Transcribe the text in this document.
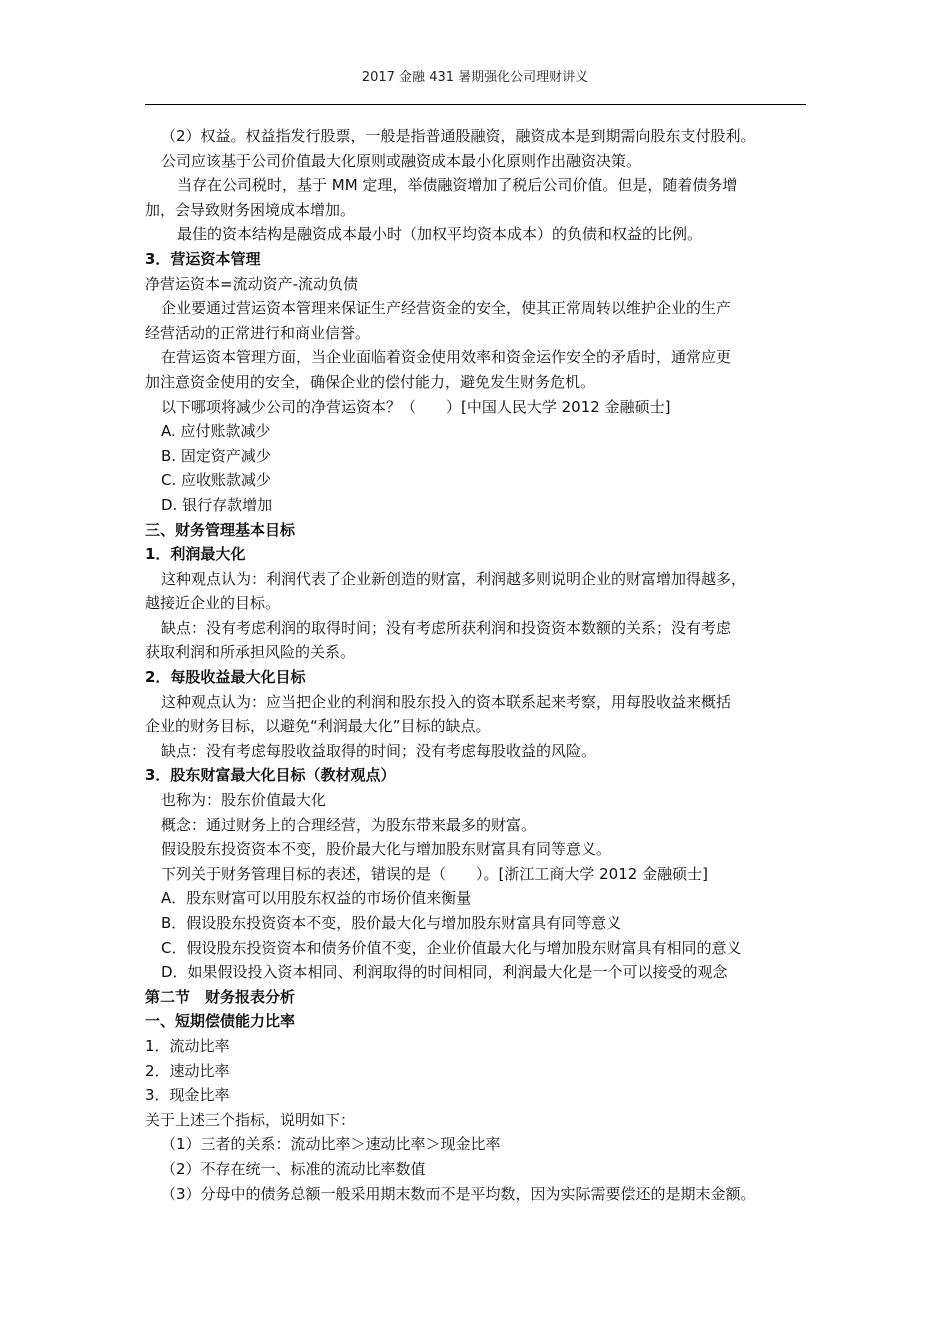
2017 金融 431 暑期强化公司理财讲义

（2）权益。权益指发行股票，一般是指普通股融资，融资成本是到期需向股东支付股利。

公司应该基于公司价值最大化原则或融资成本最小化原则作出融资决策。

当存在公司税时，基于 MM 定理，举债融资增加了税后公司价值。但是，随着债务增

加，会导致财务困境成本增加。

最佳的资本结构是融资成本最小时（加权平均资本成本）的负债和权益的比例。

3．营运资本管理

净营运资本=流动资产-流动负债

企业要通过营运资本管理来保证生产经营资金的安全，使其正常周转以维护企业的生产

经营活动的正常进行和商业信誉。

在营运资本管理方面，当企业面临着资金使用效率和资金运作安全的矛盾时，通常应更

加注意资金使用的安全，确保企业的偿付能力，避免发生财务危机。

以下哪项将减少公司的净营运资本？（　　）[中国人民大学 2012 金融硕士]

A. 应付账款减少

B. 固定资产减少

C. 应收账款减少

D. 银行存款增加

三、财务管理基本目标

1．利润最大化

这种观点认为：利润代表了企业新创造的财富，利润越多则说明企业的财富增加得越多，

越接近企业的目标。

缺点：没有考虑利润的取得时间；没有考虑所获利润和投资资本数额的关系；没有考虑

获取利润和所承担风险的关系。

2．每股收益最大化目标

这种观点认为：应当把企业的利润和股东投入的资本联系起来考察，用每股收益来概括

企业的财务目标，以避免“利润最大化”目标的缺点。

缺点：没有考虑每股收益取得的时间；没有考虑每股收益的风险。

3．股东财富最大化目标（教材观点）

也称为：股东价值最大化

概念：通过财务上的合理经营，为股东带来最多的财富。

假设股东投资资本不变，股价最大化与增加股东财富具有同等意义。

下列关于财务管理目标的表述，错误的是（　　）。[浙江工商大学 2012 金融硕士]

A．股东财富可以用股东权益的市场价值来衡量

B．假设股东投资资本不变，股价最大化与增加股东财富具有同等意义

C．假设股东投资资本和债务价值不变，企业价值最大化与增加股东财富具有相同的意义

D．如果假设投入资本相同、利润取得的时间相同，利润最大化是一个可以接受的观念

第二节　财务报表分析

一、短期偿债能力比率

1．流动比率

2．速动比率

3．现金比率

关于上述三个指标，说明如下：

（1）三者的关系：流动比率＞速动比率＞现金比率

（2）不存在统一、标准的流动比率数值

（3）分母中的债务总额一般采用期末数而不是平均数，因为实际需要偿还的是期末金额。
